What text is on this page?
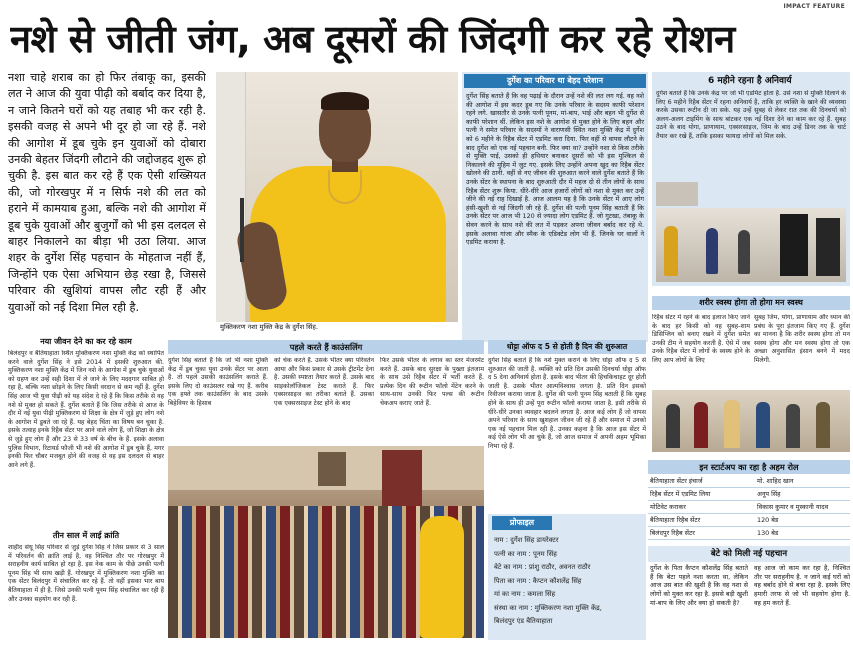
IMPACT FEATURE
नशे से जीती जंग, अब दूसरों की जिंदगी कर रहे रोशन
नशा चाहे शराब का हो फिर तंबाकू का, इसकी लत ने आज की युवा पीढ़ी को बर्बाद कर दिया है, न जाने कितने घरों को यह तबाह भी कर रही है. इसकी वजह से अपने भी दूर हो जा रहे हैं. नशे की आगोश में डूब चुके इन युवाओं को दोबारा उनकी बेहतर जिंदगी लौटाने की जद्दोजहद शुरू हो चुकी है. इस बात कर रहे हैं एक ऐसी शख्सियत की, जो गोरखपुर में न सिर्फ नशे की लत को हराने में कामयाब हुआ, बल्कि नशे की आगोश में डूब चुके युवाओं और बुजुर्गों को भी इस दलदल से बाहर निकालने का बीड़ा भी उठा लिया. आज शहर के दुर्गेश सिंह पहचान के मोहताज नहीं हैं, जिन्होंने एक ऐसा अभियान छेड़ रखा है, जिससे परिवार की खुशियां वापस लौट रही हैं और युवाओं को नई दिशा मिल रही है.
मुक्तिकरण नशा मुक्ति केंद्र के दुर्गेश सिंह.
दुर्गेश का परिवार था बेहद परेशान
दुर्गेश सिंह बताते हैं कि वह पढ़ाई के दौरान उन्हें नशे की लत लग गई. वह नशे की आगोश में इस कदर डूब गए कि उनके परिवार के सदस्य काफी परेशान रहने लगे. खासतौर से उनके पत्नी पूनम, मां-बाप, भाई और बहन भी दुर्गेश से काफी परेशान थीं. लेकिन इस नशे के आगोश से मुक्त होने के लिए बहन और पत्नी ने समेत परिवार के सदस्यों ने वाराणसी स्थित नशा मुक्ति केंद्र में दुर्गेश को 6 महीने के रिहैब सेंटर में एडमिट करा दिया. फिर वहीं से वापस लौटने के बाद दुर्गेश को एक नई पहचान बनी. फिर क्या था? उन्होंने नशा से किस तरीके से मुक्ति पाई, उसको ही हथियार बनाकर दूसरों को भी इस मुश्किल से निकालने की मुहिम में जुट गए. इसके लिए उन्होंने अपना खुद का रिहैब सेंटर खोलने की ठानी. वहीं से नए जीवन की शुरुआत करने वाले दुर्गेश बताते हैं कि उनके सेंटर के स्थापना के बाद शुरुआती दौर में महज दो से तीन लोगों के साथ रिहैब सेंटर शुरू किया. धीरे-धीरे आज हजारों लोगों को नशा से मुक्त कर उन्हें जीने की नई राह दिखाई है. आज आलम यह है कि उनके सेंटर में आए लोग हंसी-खुशी से नई जिंदगी जी रहे हैं. दुर्गेश की पत्नी पूनम सिंह बताती हैं कि उनके सेंटर पर आज भी 120 से ज्यादा लोग एडमिट हैं. जो गुटखा, तंबाकू के सेवन करने के साथ नशे की लत में पड़कर अपना जीवन बर्बाद कर रहे थे. इसके अलावा गांजा और स्मैक के एडिक्टेड लोग भी हैं. जिनके घर वालों ने एडमिट कराया है.
6 महीने रहना है अनिवार्य
दुर्गेश बताते हैं कि उनके केंद्र पर जो भी एडमिट होता है. उसे नशा से मुक्ति दिलाने के लिए 6 महीने रिहैब सेंटर में रहना अनिवार्य है, ताकि हर व्यक्ति के खाने की व्यवस्था करके उसका रूटीन दी जा सके. यह उन्हें सुबह से लेकर रात तक की दिनचर्या को अलग-अलग टाइमिंग के साथ बांटकर एक नई दिशा देने का काम कर रहे हैं. सुबह उठने के बाद योगा, प्राणायाम, एक्सरसाइज, जिम के बाद उन्हें डिनर तक के चार्ट तैयार कर रखे हैं, ताकि इसका फायदा लोगों को मिल सके.
शरीर स्वस्थ होगा तो होगा मन स्वस्थ
रिहैब सेंटर में रहने के बाद इलाज किए जाने के बाद हर किसी को वह सुबह-शाम डिसिप्लिन को बनाए रखने में दुर्गेश समेत उनकी टीम ने सहयोग करती है. ऐसे में जब उनके रिहैब सेंटर में लोगों के स्वस्थ होने के लिए आप लोगों के लिए
सुबह जिम, योगा, प्राणायाम और ध्यान की प्रबंध के पूरा इंतजाम किए गए हैं. दुर्गेश का मानना है कि शरीर स्वस्थ होगा तो मन स्वस्थ होगा और मन स्वस्थ होगा तो एक अच्छा अनुशासित इंसान बनने में मदद मिलेगी.
इन स्टार्टअप का रहा है अहम रोल
बैतियाहाता सेंटर इंचार्ज	मो. शाहिद खान
रिहैब सेंटर में एडमिट लिया	अनूप सिंह
मोटिवेट कराकर	विकास कुमार व मुस्कानी यादव
बैतियाहाता रिहैब सेंटर	120 बेड
बिलंदपुर रिहैब सेंटर	130 बेड
बेटे को मिली नई पहचान
दुर्गेश के पिता कैप्टन कौशलेंद्र सिंह बताते हैं कि बेटा पहले नशा करता था, लेकिन आज उस बात की खुशी है कि वह नशा से लोगों को मुक्त कर रहा है. इससे बड़ी खुशी मां-बाप के लिए और क्या हो सकती है?
वह आज जो काम कर रहा है, निश्चित तौर पर सराहनीय है. न जाने कई घरों को वह बर्बाद होने से बचा रहा है. इसके लिए हमारी तरफ से जो भी सहयोग होगा है. वह हम करते हैं.
नया जीवन देने का कर रहे काम
बिलंदपुर व बैतियाहाता स्थित मुक्तिकरण नशा मुक्ति केंद्र को स्थापित करने वाले दुर्गेश सिंह ने इसे 2014 में इसकी शुरुआत की. मुक्तिकरण नशा मुक्ति केंद्र में जिन नशे के आगोश में डूब चुके युवाओं को ग्रहण कर उन्हें सही दिशा में ले जाने के लिए मददगार साबित हो रहा है, बल्कि नशा छोड़ने के लिए किसी वरदान से कम नहीं है. दुर्गेश सिंह आज भी युवा पीढ़ी को यह संदेश दे रहे हैं कि किस तरीके से वह नशे से मुक्त हो सकते हैं. दुर्गेश बताते हैं कि जिस तरीके से आज के दौर में नई युवा पीढ़ी मुक्तिकरण से शिक्षा के क्षेत्र में जुड़े हुए लोग नशे के आगोश में डूबते जा रहे हैं. यह बेहद चिंता का विषय बन चुका है. इसके तत्वाह इनके रिहैब सेंटर पर आने वाले लोग हैं, जो शिक्षा के क्षेत्र से जुड़े हुए लोग हैं और 23 से 33 वर्ष के बीच के हैं. इसके अलावा पुलिस विभाग, रिटायर्ड फौजी भी नशे की आगोश में डूब चुके हैं, मगर इनकी फिर चौबर मजबूत होने की वजह से वह इस दलदल से बाहर आने लगे हैं.
तीन साल में लाई क्रांति
शाहीद संधू सिंह परिवार से जुड़े दुर्गेश सिंह ने जिस प्रकार से 3 साल में परिवर्तन की क्रांति लाई है, वह निश्चित तौर पर गोरखपुर में सराहनीय कार्य साबित हो रहा है. इस नेक काम के पीछे उनकी पत्नी पूनम सिंह भी साथ खड़ी हैं. गोरखपुर में मुक्तिकरण नशा मुक्ति का एक सेंटर बिलंदपुर में संचालित कर रहे हैं. तो वहीं इसका भार बाय बैतियाहाता में ही है. जिसे उनकी पत्नी पूनम सिंह संचालित कर रही हैं और उनका सहयोग कर रही हैं.
पहले करते हैं काउंसलिंग
दुर्गेश सिंह बताते हैं कि जो भी नशा मुक्ति केंद्र में डूब चुका युवा उनके सेंटर पर आता है. तो पहले उसकी काउंसलिंग कराते हैं. इसके लिए दो काउंसलर रखे गए हैं. करीब एक हफ्ते तक काउंसलिंग के बाद उसके बिहेवियर के हिसाब
को चेक करते हैं. उसके भीतर क्या परिवर्तन आया और किस प्रकार से उसके ट्रीटमेंट देना है. उसकी स्पष्टता तैयार करते हैं. उसके बाद साइकोलॉजिकल टेस्ट कराते हैं. फिर एक्सरसाइज का तरीका बताते हैं. उसका एक एक्सरसाइज टेस्ट होने के बाद
फिर उसके भीतर के लगाव का स्तर मेजरमेंट करते हैं. उसके बाद सुरक्षा के पुख्ता इंतजाम के साथ उसे रिहैब सेंटर में भर्ती करते हैं. प्रत्येक दिन की रूटीन फॉलो मेंटेन करने के साथ-साथ उनकी फिर पल्स की रूटीन चेकअप कराए जाते हैं.
धोट्टा ऑफ द 5 से होती है दिन की शुरुआत
दुर्गेश सिंह बताते हैं कि नशे मुक्त कराने के लिए धोट्टा ऑफ द 5 से शुरुआत की जाती है. व्यक्ति को प्रति दिन उसकी दिनचर्या धोट्टा ऑफ द 5 देना अनिवार्य होता है. इसके बाद भीतर की हिचकिचाहट दूर होती जाती है. उसके भीतर आत्मविश्वास जगता है. प्रति दिन इसको रिवीजन कराया जाता है. दुर्गेश की पत्नी पूनम सिंह बताती हैं कि सुबह होने के साथ ही उन्हें पूरा रूटीन फॉलो कराया जाता है. इसी तरीके से धीरे-धीरे उनका व्यवहार बदलने लगता है. आज कई लोग हैं जो वापस अपने परिवार के साथ खुशहाल जीवन जी रहे हैं और समाज में उनको एक नई पहचान मिल रही है. उनका कहना है कि आज इस सेंटर में कई ऐसे लोग भी आ चुके हैं, जो आज समाज में अपनी अहम भूमिका निभा रहे हैं.
प्रोफाइल
नाम : दुर्गेश सिंह डायरेक्टर
पत्नी का नाम : पूनम सिंह
बेटे का नाम : प्रांशु राठौर, अवनत राठौर
पिता का नाम : कैप्टन कौशलेंद्र सिंह
मां का नाम : कमला सिंह
संस्था का नाम : मुक्तिकरण नशा मुक्ति केंद्र,
बिलंदपुर एंड बैतियाहाता
